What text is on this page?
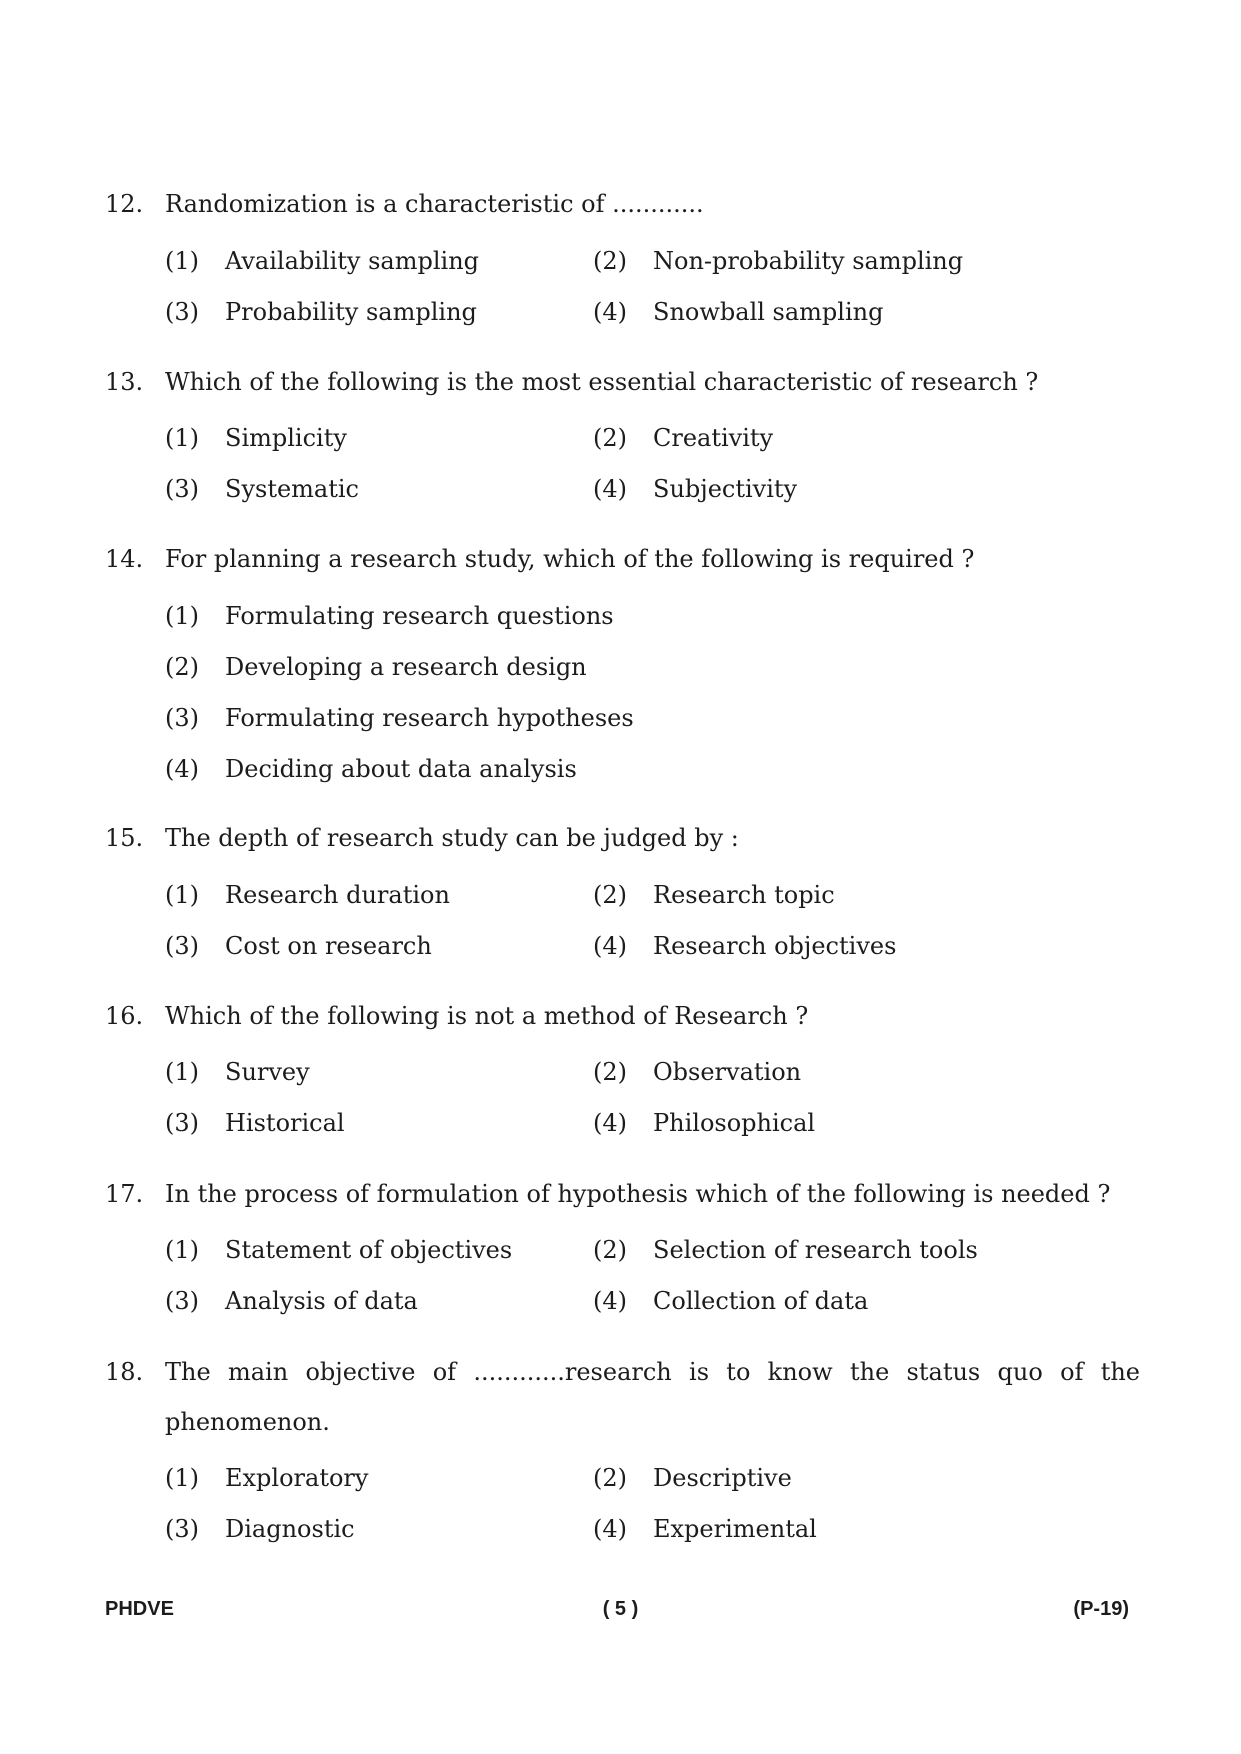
12. Randomization is a characteristic of ............
(1) Availability sampling	(2) Non-probability sampling
(3) Probability sampling	(4) Snowball sampling
13. Which of the following is the most essential characteristic of research ?
(1) Simplicity	(2) Creativity
(3) Systematic	(4) Subjectivity
14. For planning a research study, which of the following is required ?
(1) Formulating research questions
(2) Developing a research design
(3) Formulating research hypotheses
(4) Deciding about data analysis
15. The depth of research study can be judged by :
(1) Research duration	(2) Research topic
(3) Cost on research	(4) Research objectives
16. Which of the following is not a method of Research ?
(1) Survey	(2) Observation
(3) Historical	(4) Philosophical
17. In the process of formulation of hypothesis which of the following is needed ?
(1) Statement of objectives	(2) Selection of research tools
(3) Analysis of data	(4) Collection of data
18. The main objective of ............research is to know the status quo of the phenomenon.
(1) Exploratory	(2) Descriptive
(3) Diagnostic	(4) Experimental
PHDVE	( 5 )	(P-19)
